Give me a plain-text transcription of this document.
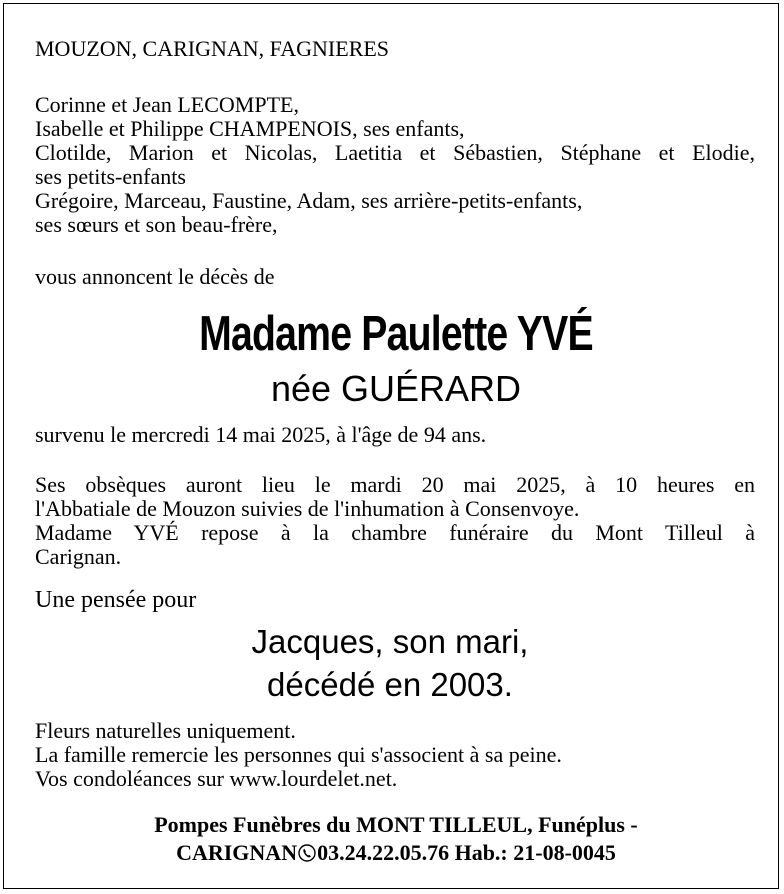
MOUZON, CARIGNAN, FAGNIERES
Corinne et Jean LECOMPTE,
Isabelle et Philippe CHAMPENOIS, ses enfants,
Clotilde, Marion et Nicolas, Laetitia et Sébastien, Stéphane et Elodie,
ses petits-enfants
Grégoire, Marceau, Faustine, Adam, ses arrière-petits-enfants,
ses sœurs et son beau-frère,
vous annoncent le décès de
Madame Paulette YVÉ
née GUÉRARD
survenu le mercredi 14 mai 2025, à l'âge de 94 ans.
Ses obsèques auront lieu le mardi 20 mai 2025, à 10 heures en
l'Abbatiale de Mouzon suivies de l'inhumation à Consenvoye.
Madame YVÉ repose à la chambre funéraire du Mont Tilleul à
Carignan.
Une pensée pour
Jacques, son mari,
décédé en 2003.
Fleurs naturelles uniquement.
La famille remercie les personnes qui s'associent à sa peine.
Vos condoléances sur www.lourdelet.net.
Pompes Funèbres du MONT TILLEUL, Funéplus -
CARIGNAN 03.24.22.05.76 Hab.: 21-08-0045
